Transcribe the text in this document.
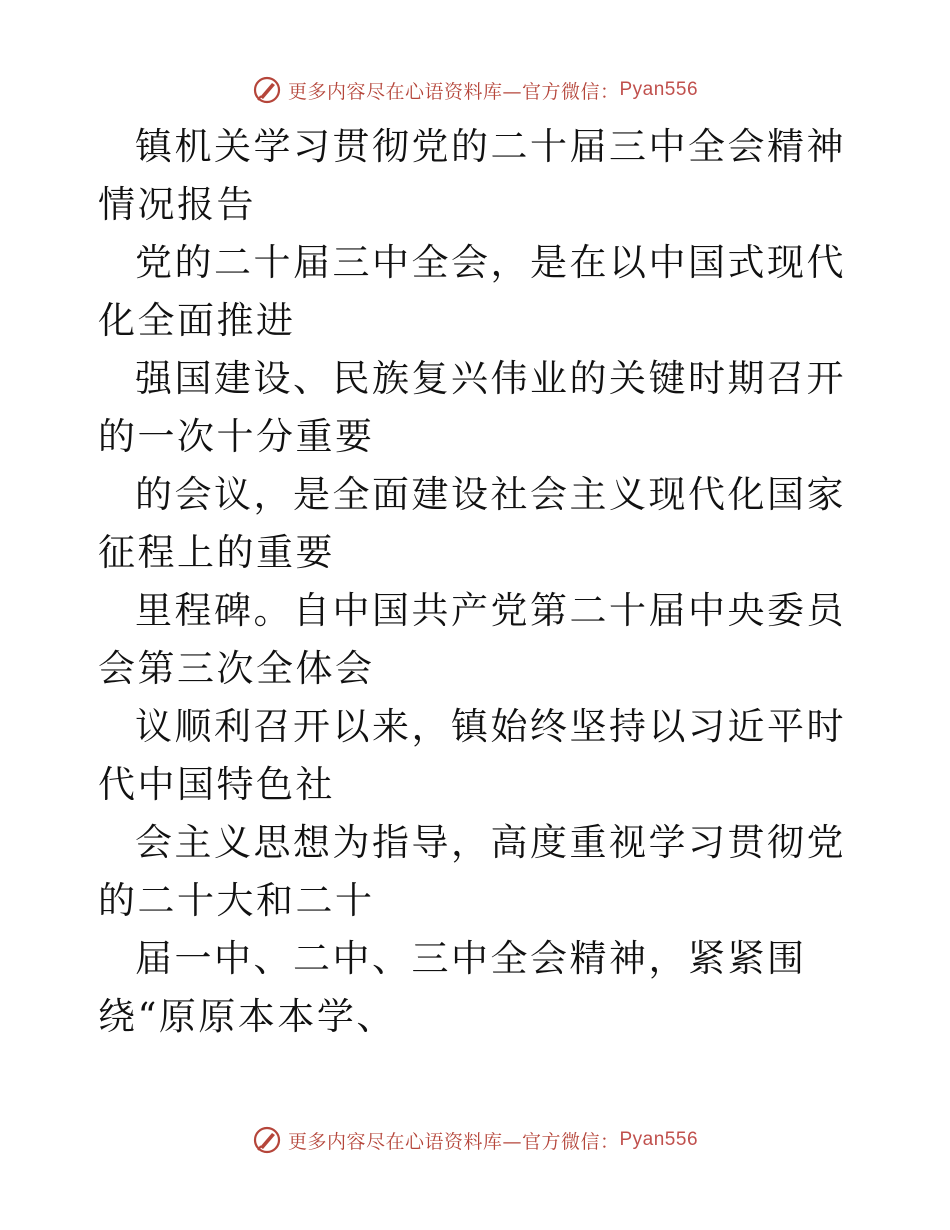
更多内容尽在心语资料库—官方微信： Pyan556

镇机关学习贯彻党的二十届三中全会精神情况报告

党的二十届三中全会，是在以中国式现代化全面推进

强国建设、民族复兴伟业的关键时期召开的一次十分重要

的会议，是全面建设社会主义现代化国家征程上的重要

里程碑。自中国共产党第二十届中央委员会第三次全体会

议顺利召开以来，镇始终坚持以习近平时代中国特色社

会主义思想为指导，高度重视学习贯彻党的二十大和二十

届一中、二中、三中全会精神，紧紧围绕“原原本本学、

更多内容尽在心语资料库—官方微信： Pyan556
